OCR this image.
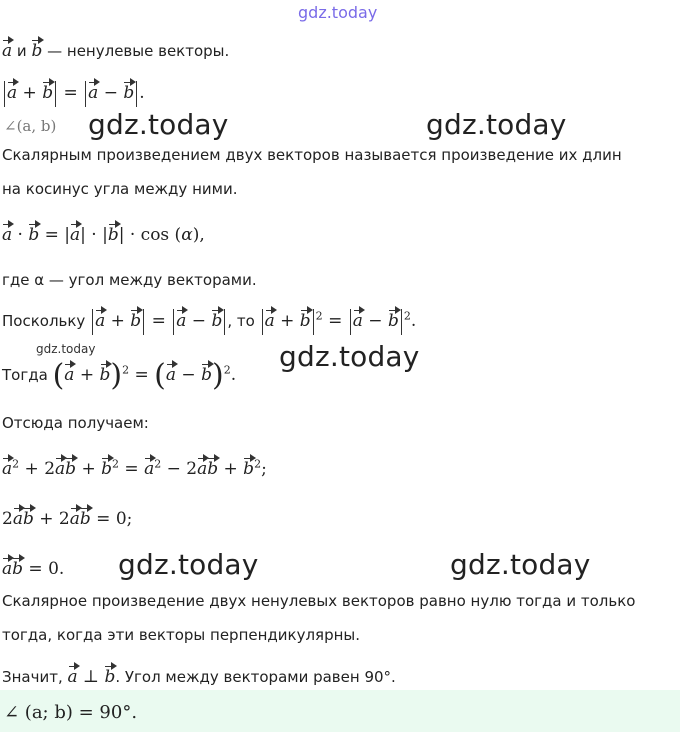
gdz.today
a и b — ненулевые векторы.
a + b = a − b .
∠(a, b) gdz.today	gdz.today
Скалярным произведением двух векторов называется произведение их длин
на косинус угла между ними.
a · b = |a| · |b| · cos (α),
где α — угол между векторами.
Поскольку a + b = a − b , то a + b $^2$ = a − b $^2$.
gdz.today
Тогда $(a + b)^2 = (a - b)^2$.
gdz.today
Отсюда получаем:
$a^2 + 2ab + b^2 = a^2 - 2ab + b^2$;
2ab + 2ab = 0;
ab = 0. gdz.today	gdz.today
Скалярное произведение двух ненулевых векторов равно нулю тогда и только
тогда, когда эти векторы перпендикулярны.
Значит, a ⊥ b. Угол между векторами равен 90°.
∠ (a; b) = 90°.
